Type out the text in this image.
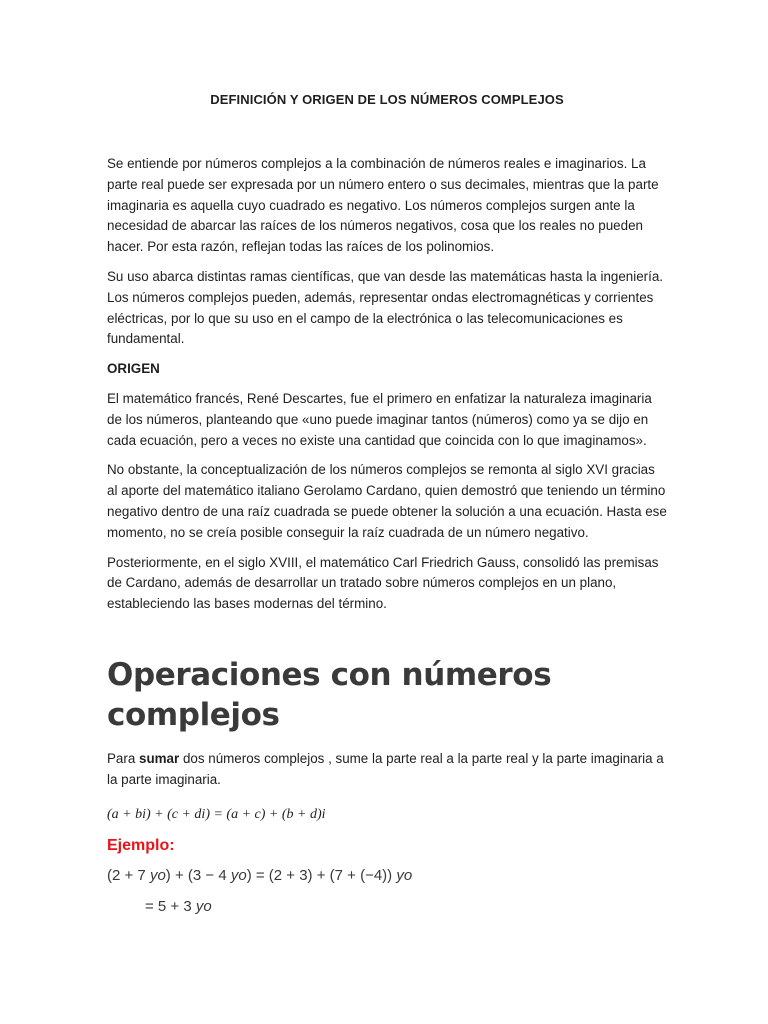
DEFINICIÓN Y ORIGEN DE LOS NÚMEROS COMPLEJOS

Se entiende por números complejos a la combinación de números reales e imaginarios. La parte real puede ser expresada por un número entero o sus decimales, mientras que la parte imaginaria es aquella cuyo cuadrado es negativo. Los números complejos surgen ante la necesidad de abarcar las raíces de los números negativos, cosa que los reales no pueden hacer. Por esta razón, reflejan todas las raíces de los polinomios.

Su uso abarca distintas ramas científicas, que van desde las matemáticas hasta la ingeniería. Los números complejos pueden, además, representar ondas electromagnéticas y corrientes eléctricas, por lo que su uso en el campo de la electrónica o las telecomunicaciones es fundamental.

ORIGEN

El matemático francés, René Descartes, fue el primero en enfatizar la naturaleza imaginaria de los números, planteando que «uno puede imaginar tantos (números) como ya se dijo en cada ecuación, pero a veces no existe una cantidad que coincida con lo que imaginamos».

No obstante, la conceptualización de los números complejos se remonta al siglo XVI gracias al aporte del matemático italiano Gerolamo Cardano, quien demostró que teniendo un término negativo dentro de una raíz cuadrada se puede obtener la solución a una ecuación. Hasta ese momento, no se creía posible conseguir la raíz cuadrada de un número negativo.

Posteriormente, en el siglo XVIII, el matemático Carl Friedrich Gauss, consolidó las premisas de Cardano, además de desarrollar un tratado sobre números complejos en un plano, estableciendo las bases modernas del término.

Operaciones con números complejos

Para sumar dos números complejos , sume la parte real a la parte real y la parte imaginaria a la parte imaginaria.

(a + bi) + (c + di) = (a + c) + (b + d)i
Ejemplo:
(2 + 7 yo) + (3 − 4 yo) = (2 + 3) + (7 + (−4)) yo
= 5 + 3 yo
